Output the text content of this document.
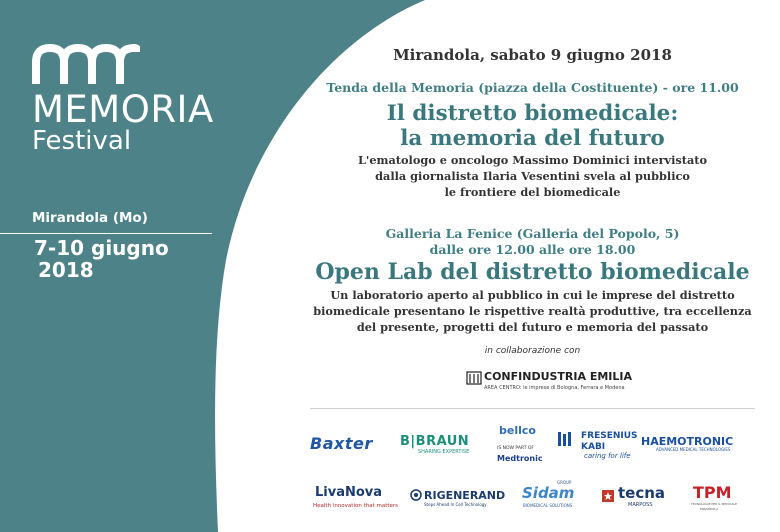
MEMORIA
Festival
Mirandola (Mo)
7-10 giugno
2018
Mirandola, sabato 9 giugno 2018
Tenda della Memoria (piazza della Costituente) - ore 11.00
Il distretto biomedicale:
la memoria del futuro
L'ematologo e oncologo Massimo Dominici intervistato
dalla giornalista Ilaria Vesentini svela al pubblico
le frontiere del biomedicale
Galleria La Fenice (Galleria del Popolo, 5)
dalle ore 12.00 alle ore 18.00
Open Lab del distretto biomedicale
Un laboratorio aperto al pubblico in cui le imprese del distretto
biomedicale presentano le rispettive realtà produttive, tra eccellenza
del presente, progetti del futuro e memoria del passato
in collaborazione con
CONFINDUSTRIA EMILIA
AREA CENTRO: le imprese di Bologna, Ferrara e Modena
Baxter B|BRAUN
SHARING EXPERTISE
bellco
IS NOW PART OF
Medtronic
FRESENIUS
KABI
caring for life
HAEMOTRONIC
ADVANCED MEDICAL TECHNOLOGIES
LivaNova
Health innovation that matters
RIGENERAND
Steps Ahead In Cell Technology
GROUP
Sidam
BIOMEDICAL SOLUTIONS
tecna
MARPOSS
TPM
TECNOLOGIE PER IL MEDICALE
MIRANDOLA
